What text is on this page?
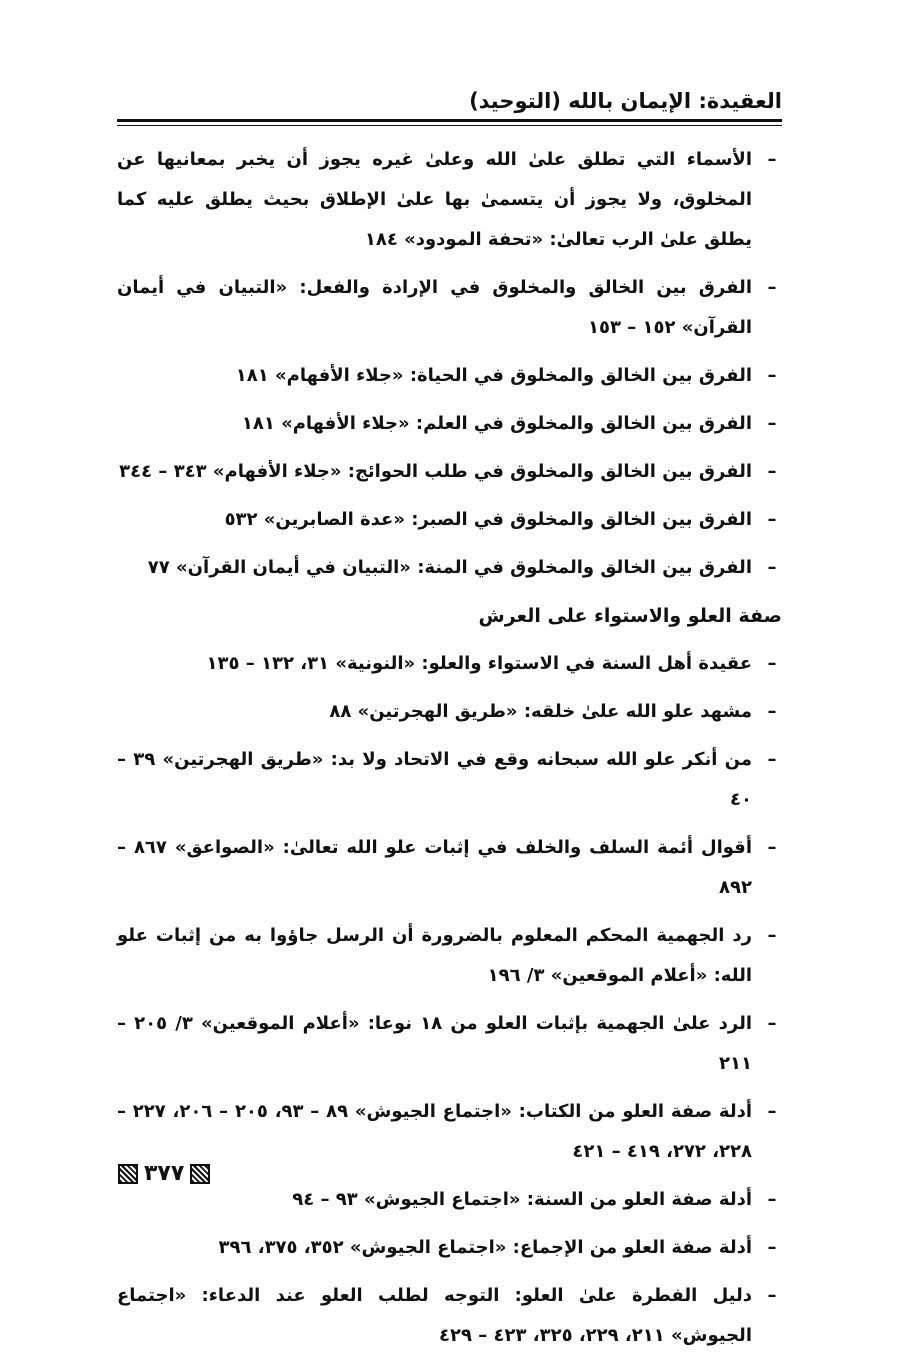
العقيدة: الإيمان بالله (التوحيد)
–
الأسماء التي تطلق علىٰ الله وعلىٰ غيره يجوز أن يخبر بمعانيها عن المخلوق، ولا يجوز أن يتسمىٰ بها علىٰ الإطلاق بحيث يطلق عليه كما يطلق علىٰ الرب تعالىٰ: «تحفة المودود» ١٨٤
–
الفرق بين الخالق والمخلوق في الإرادة والفعل: «التبيان في أيمان القرآن» ١٥٢ – ١٥٣
–
الفرق بين الخالق والمخلوق في الحياة: «جلاء الأفهام» ١٨١
–
الفرق بين الخالق والمخلوق في العلم: «جلاء الأفهام» ١٨١
–
الفرق بين الخالق والمخلوق في طلب الحوائج: «جلاء الأفهام» ٣٤٣ – ٣٤٤
–
الفرق بين الخالق والمخلوق في الصبر: «عدة الصابرين» ٥٣٢
–
الفرق بين الخالق والمخلوق في المنة: «التبيان في أيمان القرآن» ٧٧
صفة العلو والاستواء على العرش
–
عقيدة أهل السنة في الاستواء والعلو: «النونية» ٣١، ١٣٢ – ١٣٥
–
مشهد علو الله علىٰ خلقه: «طريق الهجرتين» ٨٨
–
من أنكر علو الله سبحانه وقع في الاتحاد ولا بد: «طريق الهجرتين» ٣٩ – ٤٠
–
أقوال أئمة السلف والخلف في إثبات علو الله تعالىٰ: «الصواعق» ٨٦٧ – ٨٩٢
–
رد الجهمية المحكم المعلوم بالضرورة أن الرسل جاؤوا به من إثبات علو الله: «أعلام الموقعين» ٣/ ١٩٦
–
الرد علىٰ الجهمية بإثبات العلو من ١٨ نوعا: «أعلام الموقعين» ٣/ ٢٠٥ – ٢١١
–
أدلة صفة العلو من الكتاب: «اجتماع الجيوش» ٨٩ – ٩٣، ٢٠٥ – ٢٠٦، ٢٢٧ – ٢٢٨، ٢٧٢، ٤١٩ – ٤٢١
–
أدلة صفة العلو من السنة: «اجتماع الجيوش» ٩٣ – ٩٤
–
أدلة صفة العلو من الإجماع: «اجتماع الجيوش» ٣٥٢، ٣٧٥، ٣٩٦
–
دليل الفطرة علىٰ العلو: التوجه لطلب العلو عند الدعاء: «اجتماع الجيوش» ٢١١، ٢٢٩، ٣٢٥، ٤٢٣ – ٤٢٩
٣٧٧
